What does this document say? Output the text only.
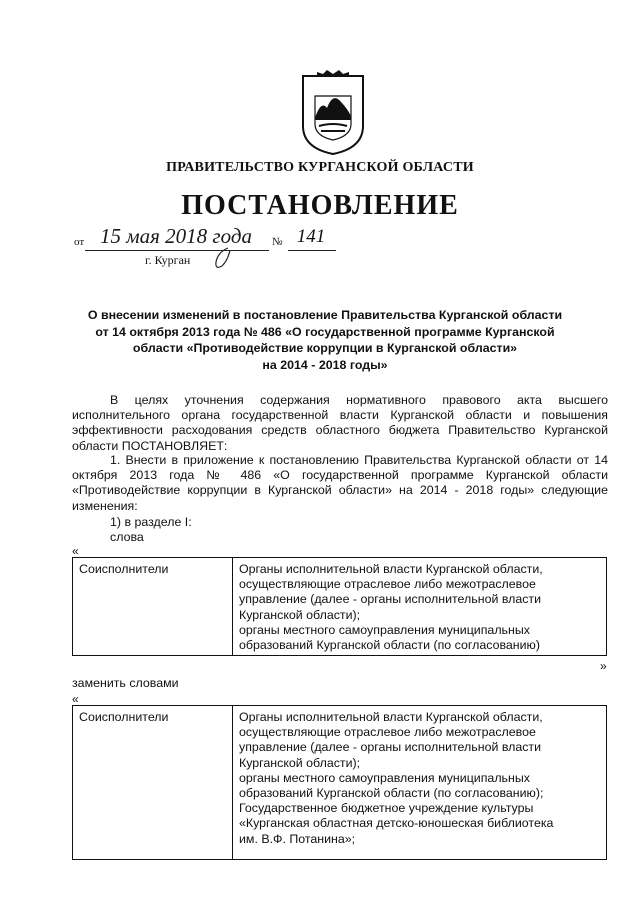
ПРАВИТЕЛЬСТВО КУРГАНСКОЙ ОБЛАСТИ
ПОСТАНОВЛЕНИЕ
от 15 мая 2018 года	№ 141
г. Курган
О внесении изменений в постановление Правительства Курганской области
от 14 октября 2013 года № 486 «О государственной программе Курганской
области «Противодействие коррупции в Курганской области»
на 2014 - 2018 годы»
В целях уточнения содержания нормативного правового акта высшего исполнительного органа государственной власти Курганской области и повышения эффективности расходования средств областного бюджета Правительство Курганской области ПОСТАНОВЛЯЕТ:
1. Внести в приложение к постановлению Правительства Курганской области от 14 октября 2013 года № 486 «О государственной программе Курганской области «Противодействие коррупции в Курганской области» на 2014 - 2018 годы» следующие изменения:
1) в разделе I:
слова
«
Соисполнители	Органы исполнительной власти Курганской области,
осуществляющие отраслевое либо межотраслевое
управление (далее - органы исполнительной власти
Курганской области);
органы местного самоуправления муниципальных
образований Курганской области (по согласованию)
»
заменить словами
«
Соисполнители	Органы исполнительной власти Курганской области,
осуществляющие отраслевое либо межотраслевое
управление (далее - органы исполнительной власти
Курганской области);
органы местного самоуправления муниципальных
образований Курганской области (по согласованию);
Государственное бюджетное учреждение культуры
«Курганская областная детско-юношеская библиотека
им. В.Ф. Потанина»;
